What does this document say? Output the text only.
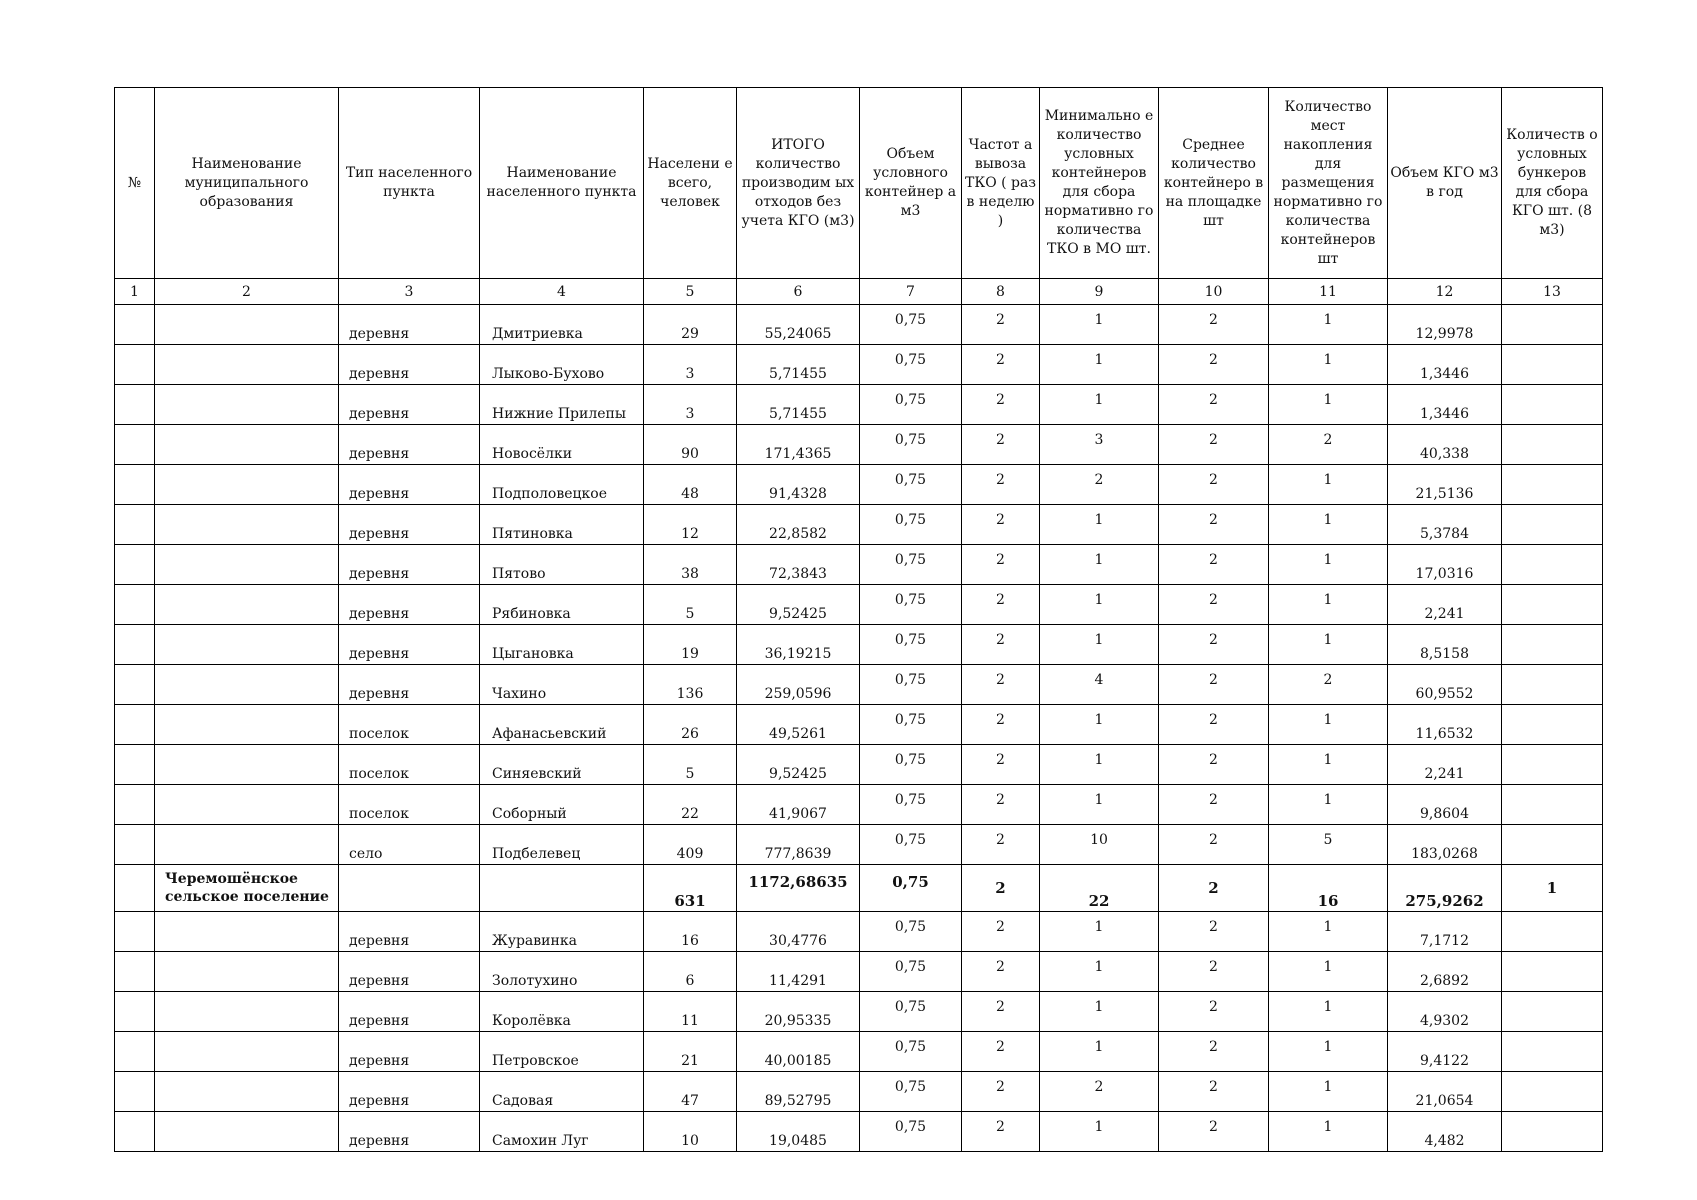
№	Наименование муниципального образования	Тип населенного пункта	Наименование населенного пункта	Населени е всего, человек	ИТОГО количество производим ых отходов без учета КГО (м3)	Объем условного контейнер а м3	Частот а вывоза ТКО ( раз в неделю )	Минимально е количество условных контейнеров для сбора нормативно го количества ТКО в МО шт.	Среднее количество контейнеро в на площадке шт	Количество мест накопления для размещения нормативно го количества контейнеров шт	Объем КГО м3 в год	Количеств о условных бункеров для сбора КГО шт. (8 м3)
1	2	3	4	5	6	7	8	9	10	11	12	13
		деревня	Дмитриевка	29	55,24065	0,75	2	1	2	1	12,9978	
		деревня	Лыково-Бухово	3	5,71455	0,75	2	1	2	1	1,3446	
		деревня	Нижние Прилепы	3	5,71455	0,75	2	1	2	1	1,3446	
		деревня	Новосёлки	90	171,4365	0,75	2	3	2	2	40,338	
		деревня	Подполовецкое	48	91,4328	0,75	2	2	2	1	21,5136	
		деревня	Пятиновка	12	22,8582	0,75	2	1	2	1	5,3784	
		деревня	Пятово	38	72,3843	0,75	2	1	2	1	17,0316	
		деревня	Рябиновка	5	9,52425	0,75	2	1	2	1	2,241	
		деревня	Цыгановка	19	36,19215	0,75	2	1	2	1	8,5158	
		деревня	Чахино	136	259,0596	0,75	2	4	2	2	60,9552	
		поселок	Афанасьевский	26	49,5261	0,75	2	1	2	1	11,6532	
		поселок	Синяевский	5	9,52425	0,75	2	1	2	1	2,241	
		поселок	Соборный	22	41,9067	0,75	2	1	2	1	9,8604	
		село	Подбелевец	409	777,8639	0,75	2	10	2	5	183,0268	
	Черемошёнское сельское поселение			631	1172,68635	0,75	2	22	2	16	275,9262	1
		деревня	Журавинка	16	30,4776	0,75	2	1	2	1	7,1712	
		деревня	Золотухино	6	11,4291	0,75	2	1	2	1	2,6892	
		деревня	Королёвка	11	20,95335	0,75	2	1	2	1	4,9302	
		деревня	Петровское	21	40,00185	0,75	2	1	2	1	9,4122	
		деревня	Садовая	47	89,52795	0,75	2	2	2	1	21,0654	
		деревня	Самохин Луг	10	19,0485	0,75	2	1	2	1	4,482	
